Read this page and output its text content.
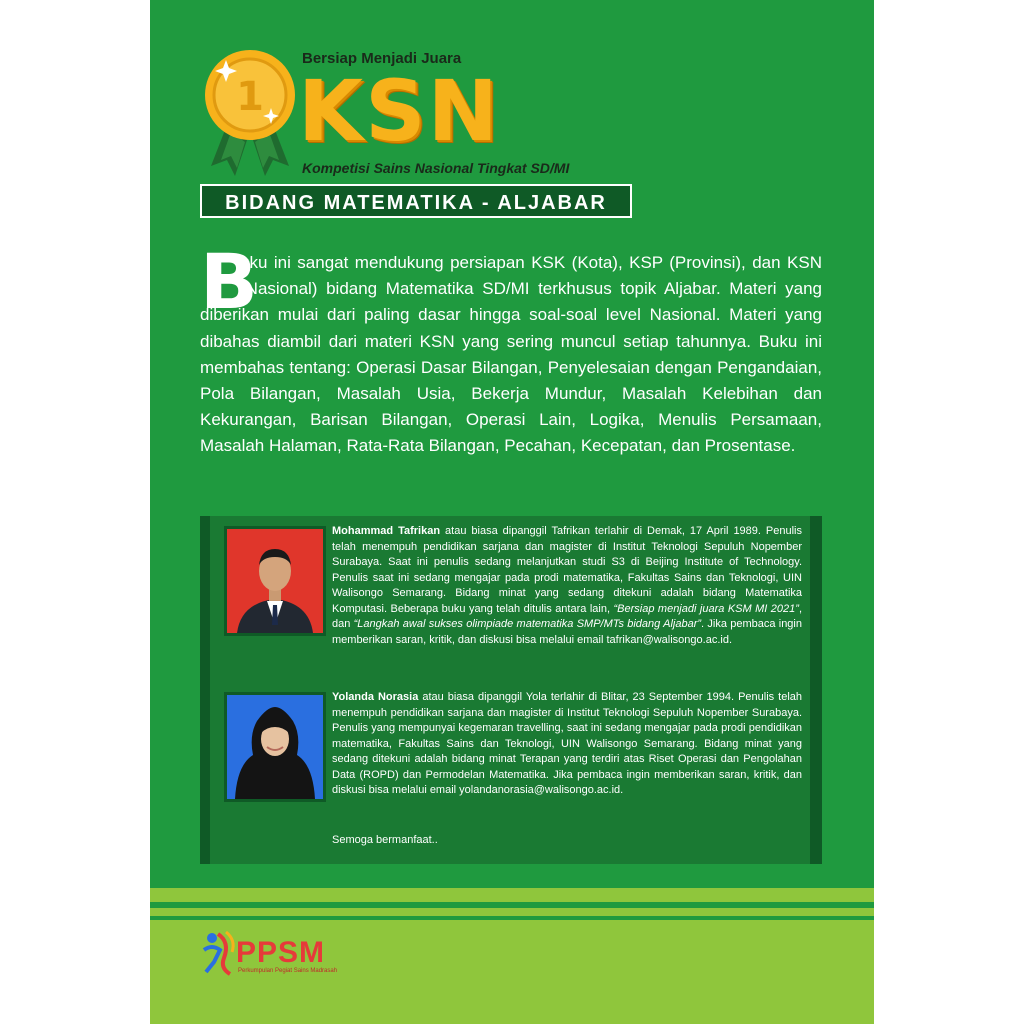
1
Bersiap Menjadi Juara
KSN
Kompetisi Sains Nasional Tingkat SD/MI
BIDANG MATEMATIKA - ALJABAR
B
uku ini sangat mendukung persiapan KSK (Kota), KSP (Provinsi), dan KSN (Nasional) bidang Matematika SD/MI terkhusus topik Aljabar. Materi yang diberikan mulai dari paling dasar hingga soal-soal level Nasional. Materi yang dibahas diambil dari materi KSN yang sering muncul setiap tahunnya. Buku ini membahas tentang: Operasi Dasar Bilangan, Penyelesaian dengan Pengandaian, Pola Bilangan, Masalah Usia, Bekerja Mundur, Masalah Kelebihan dan Kekurangan, Barisan Bilangan, Operasi Lain, Logika, Menulis Persamaan, Masalah Halaman, Rata-Rata Bilangan, Pecahan, Kecepatan, dan Prosentase.
Mohammad Tafrikan atau biasa dipanggil Tafrikan terlahir di Demak, 17 April 1989. Penulis telah menempuh pendidikan sarjana dan magister di Institut Teknologi Sepuluh Nopember Surabaya. Saat ini penulis sedang melanjutkan studi S3 di Beijing Institute of Technology. Penulis saat ini sedang mengajar pada prodi matematika, Fakultas Sains dan Teknologi, UIN Walisongo Semarang. Bidang minat yang sedang ditekuni adalah bidang Matematika Komputasi. Beberapa buku yang telah ditulis antara lain, “Bersiap menjadi juara KSM MI 2021”, dan “Langkah awal sukses olimpiade matematika SMP/MTs bidang Aljabar”. Jika pembaca ingin memberikan saran, kritik, dan diskusi bisa melalui email tafrikan@walisongo.ac.id.
Yolanda Norasia atau biasa dipanggil Yola terlahir di Blitar, 23 September 1994. Penulis telah menempuh pendidikan sarjana dan magister di Institut Teknologi Sepuluh Nopember Surabaya. Penulis yang mempunyai kegemaran travelling, saat ini sedang mengajar pada prodi pendidikan matematika, Fakultas Sains dan Teknologi, UIN Walisongo Semarang. Bidang minat yang sedang ditekuni adalah bidang minat Terapan yang terdiri atas Riset Operasi dan Pengolahan Data (ROPD) dan Permodelan Matematika. Jika pembaca ingin memberikan saran, kritik, dan diskusi bisa melalui email yolandanorasia@walisongo.ac.id.
Semoga bermanfaat..
PPSM
Perkumpulan Pegiat Sains Madrasah
